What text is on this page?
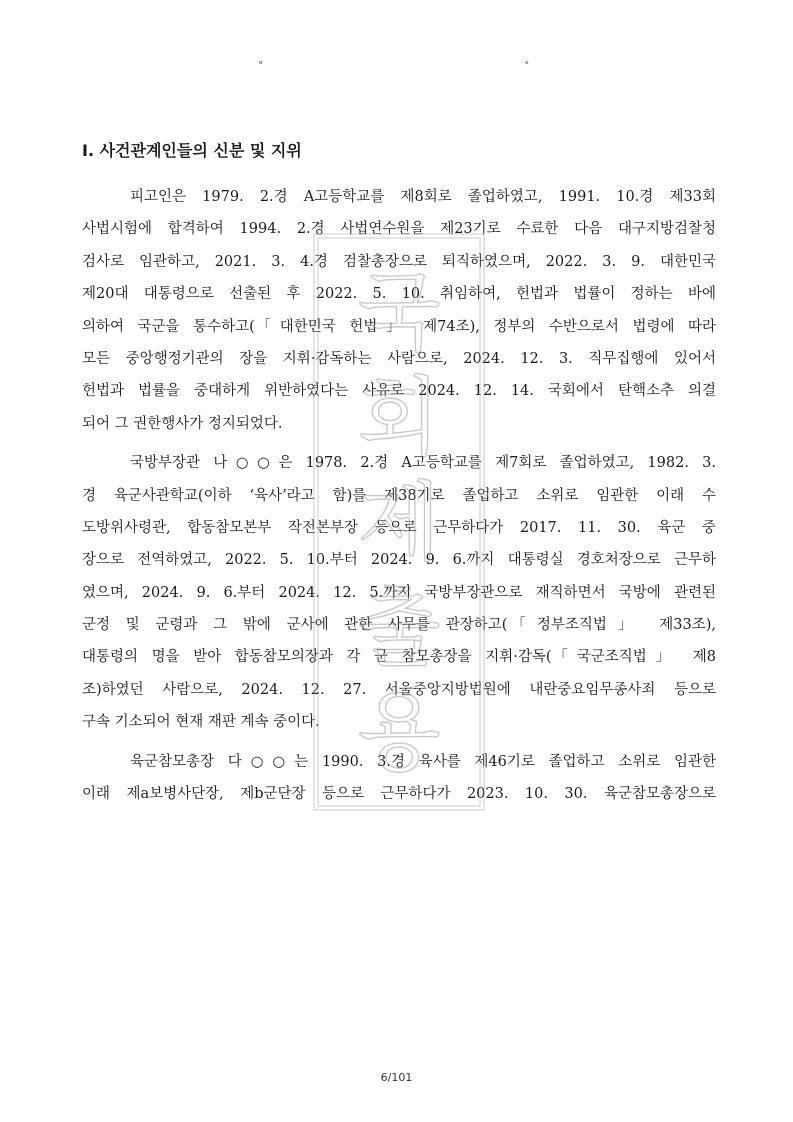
˚	˚
Ⅰ. 사건관계인들의 신분 및 지위
피고인은 1979. 2.경 A고등학교를 제8회로 졸업하였고, 1991. 10.경 제33회
사법시험에 합격하여 1994. 2.경 사법연수원을 제23기로 수료한 다음 대구지방검찰청
검사로 임관하고, 2021. 3. 4.경 검찰총장으로 퇴직하였으며, 2022. 3. 9. 대한민국
제20대 대통령으로 선출된 후 2022. 5. 10. 취임하여, 헌법과 법률이 정하는 바에
의하여 국군을 통수하고(「대한민국 헌법」 제74조), 정부의 수반으로서 법령에 따라
모든 중앙행정기관의 장을 지휘·감독하는 사람으로, 2024. 12. 3. 직무집행에 있어서
헌법과 법률을 중대하게 위반하였다는 사유로 2024. 12. 14. 국회에서 탄핵소추 의결
되어 그 권한행사가 정지되었다.
국방부장관 나○○은 1978. 2.경 A고등학교를 제7회로 졸업하였고, 1982. 3.
경 육군사관학교(이하 ‘육사’라고 함)를 제38기로 졸업하고 소위로 임관한 이래 수
도방위사령관, 합동참모본부 작전본부장 등으로 근무하다가 2017. 11. 30. 육군 중
장으로 전역하였고, 2022. 5. 10.부터 2024. 9. 6.까지 대통령실 경호처장으로 근무하
였으며, 2024. 9. 6.부터 2024. 12. 5.까지 국방부장관으로 재직하면서 국방에 관련된
군정 및 군령과 그 밖에 군사에 관한 사무를 관장하고(「정부조직법」 제33조),
대통령의 명을 받아 합동참모의장과 각 군 참모총장을 지휘·감독(「국군조직법」 제8
조)하였던 사람으로, 2024. 12. 27. 서울중앙지방법원에 내란중요임무종사죄 등으로
구속 기소되어 현재 재판 계속 중이다.
육군참모총장 다○○는 1990. 3.경 육사를 제46기로 졸업하고 소위로 임관한
이래 제a보병사단장, 제b군단장 등으로 근무하다가 2023. 10. 30. 육군참모총장으로
국
회
제
출
용
6/101
